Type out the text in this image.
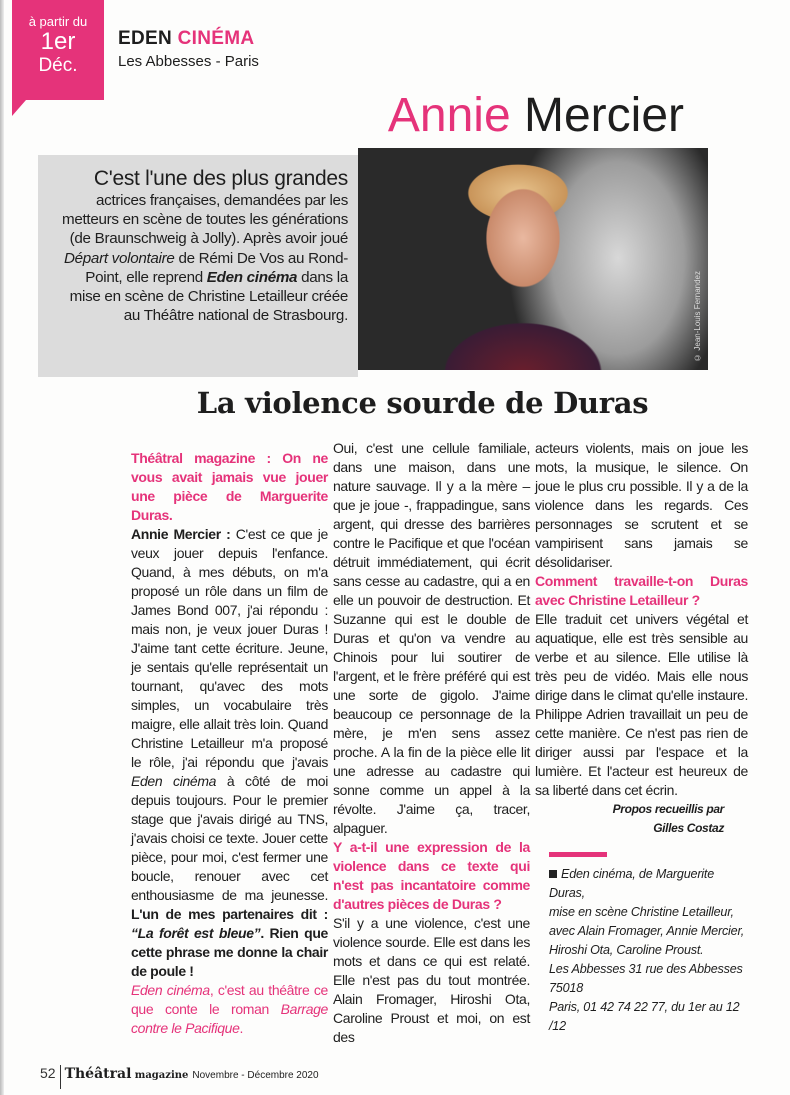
à partir du
1er
Déc.
EDEN CINÉMA
Les Abbesses - Paris
Annie Mercier
C'est l'une des plus grandes
actrices françaises, demandées par les metteurs en scène de toutes les générations (de Braunschweig à Jolly). Après avoir joué Départ volontaire de Rémi De Vos au Rond-Point, elle reprend Eden cinéma dans la mise en scène de Christine Letailleur créée au Théâtre national de Strasbourg.	© Jean-Louis Fernandez
La violence sourde de Duras

Théâtral magazine : On ne vous avait jamais vue jouer une pièce de Marguerite Duras.

Annie Mercier : C'est ce que je veux jouer depuis l'enfance. Quand, à mes débuts, on m'a proposé un rôle dans un film de James Bond 007, j'ai répondu : mais non, je veux jouer Duras ! J'aime tant cette écriture. Jeune, je sentais qu'elle représentait un tournant, qu'avec des mots simples, un vocabulaire très maigre, elle allait très loin. Quand Christine Letailleur m'a proposé le rôle, j'ai répondu que j'avais Eden cinéma à côté de moi depuis toujours. Pour le premier stage que j'avais dirigé au TNS, j'avais choisi ce texte. Jouer cette pièce, pour moi, c'est fermer une boucle, renouer avec cet enthousiasme de ma jeunesse. L'un de mes partenaires dit : “La forêt est bleue”. Rien que cette phrase me donne la chair de poule !

Eden cinéma, c'est au théâtre ce que conte le roman Barrage contre le Pacifique.

Oui, c'est une cellule familiale, dans une maison, dans une nature sauvage. Il y a la mère – que je joue -, frappadingue, sans argent, qui dresse des barrières contre le Pacifique et que l'océan détruit immédiatement, qui écrit sans cesse au cadastre, qui a en elle un pouvoir de destruction. Et Suzanne qui est le double de Duras et qu'on va vendre au Chinois pour lui soutirer de l'argent, et le frère préféré qui est une sorte de gigolo. J'aime beaucoup ce personnage de la mère, je m'en sens assez proche. A la fin de la pièce elle lit une adresse au cadastre qui sonne comme un appel à la révolte. J'aime ça, tracer, alpaguer.

Y a-t-il une expression de la violence dans ce texte qui n'est pas incantatoire comme d'autres pièces de Duras ?

S'il y a une violence, c'est une violence sourde. Elle est dans les mots et dans ce qui est relaté. Elle n'est pas du tout montrée. Alain Fromager, Hiroshi Ota, Caroline Proust et moi, on est des

acteurs violents, mais on joue les mots, la musique, le silence. On joue le plus cru possible. Il y a de la violence dans les regards. Ces personnages se scrutent et se vampirisent sans jamais se désolidariser.

Comment travaille-t-on Duras avec Christine Letailleur ?

Elle traduit cet univers végétal et aquatique, elle est très sensible au verbe et au silence. Elle utilise là très peu de vidéo. Mais elle nous dirige dans le climat qu'elle instaure. Philippe Adrien travaillait un peu de cette manière. Ce n'est pas rien de diriger aussi par l'espace et la lumière. Et l'acteur est heureux de sa liberté dans cet écrin.

Propos recueillis par
Gilles Costaz
Eden cinéma, de Marguerite Duras,
mise en scène Christine Letailleur,
avec Alain Fromager, Annie Mercier,
Hiroshi Ota, Caroline Proust.
Les Abbesses 31 rue des Abbesses 75018
Paris, 01 42 74 22 77, du 1er au 12 /12
52 Théâtral magazine Novembre - Décembre 2020
